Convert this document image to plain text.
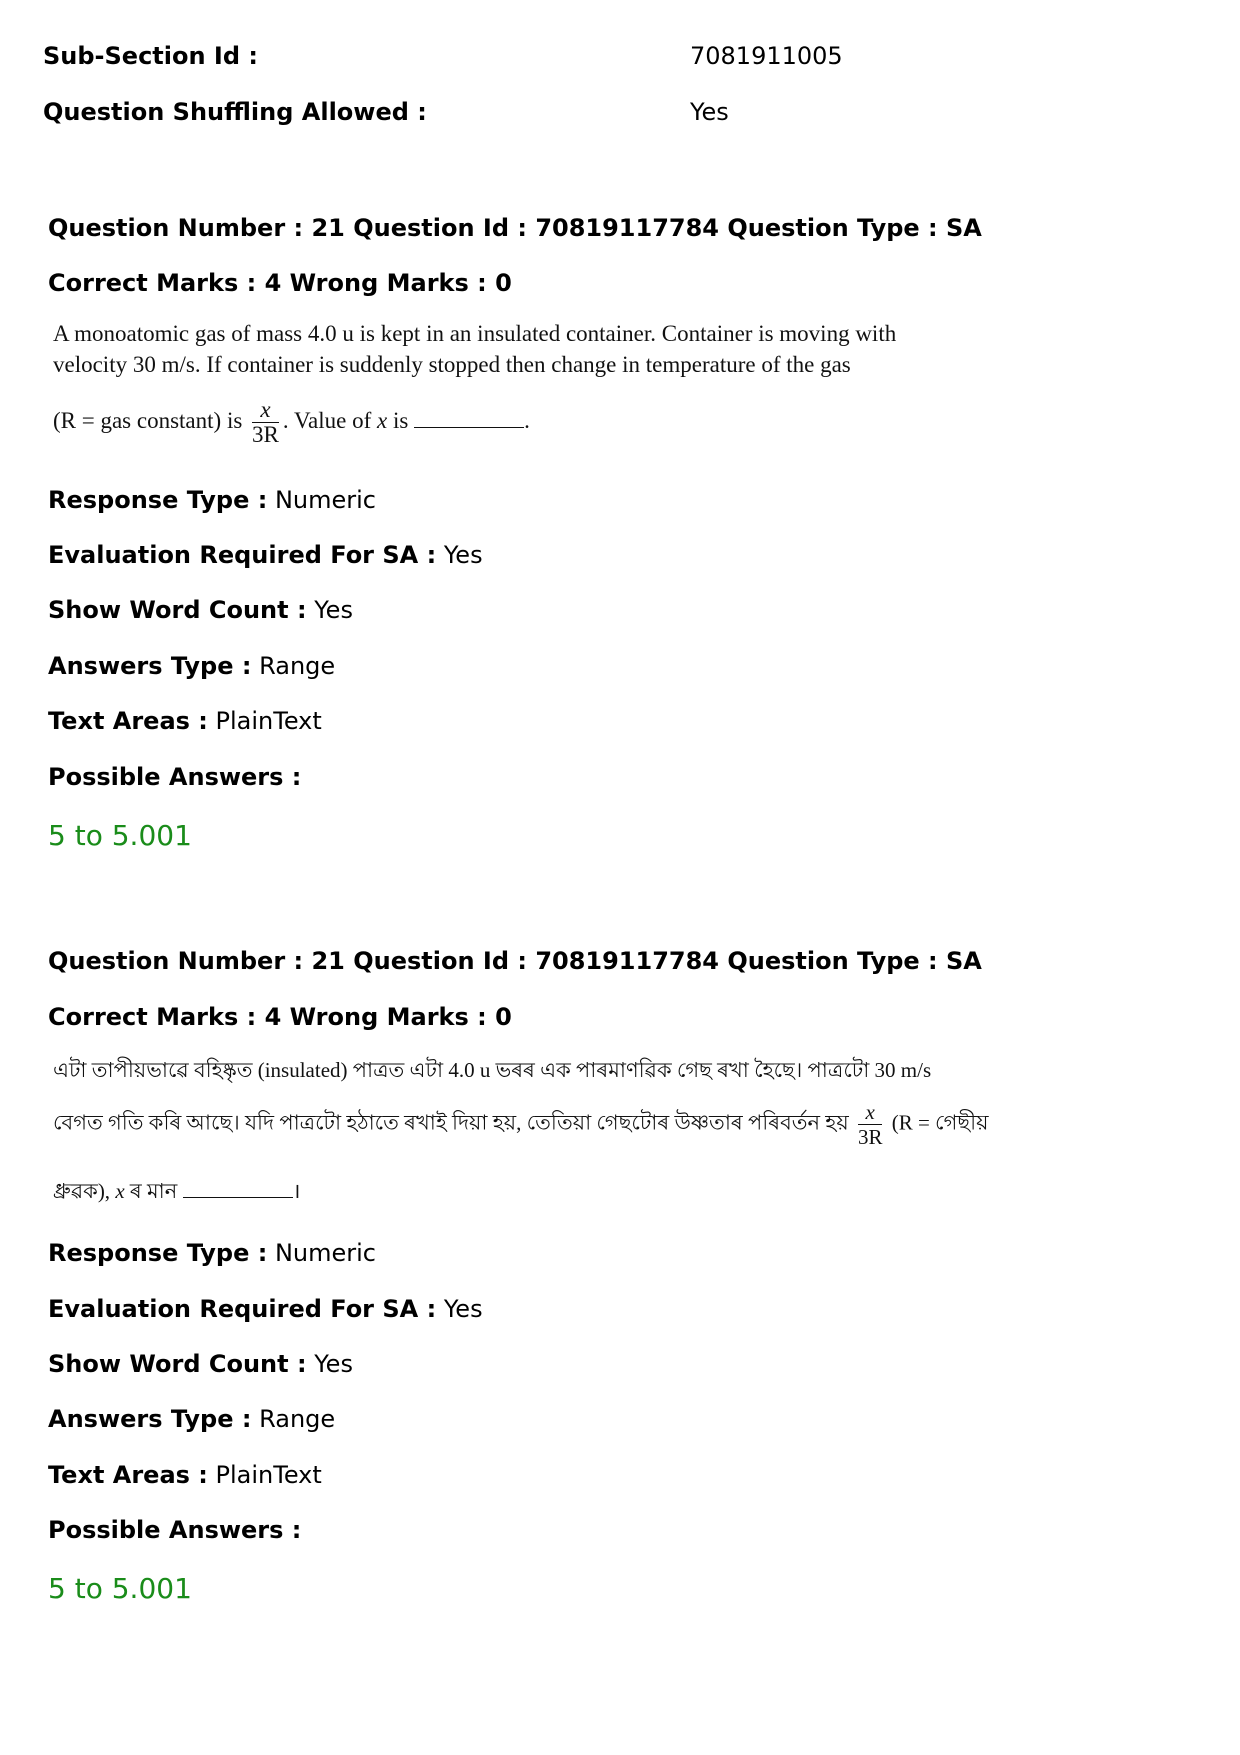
Sub-Section Id :	7081911005
Question Shuffling Allowed :	Yes
Question Number : 21 Question Id : 70819117784 Question Type : SA
Correct Marks : 4 Wrong Marks : 0
A monoatomic gas of mass 4.0 u is kept in an insulated container. Container is moving with
velocity 30 m/s. If container is suddenly stopped then change in temperature of the gas
(R = gas constant) is $\frac{x}{3R}$ . Value of x is	.
Response Type : Numeric
Evaluation Required For SA : Yes
Show Word Count : Yes
Answers Type : Range
Text Areas : PlainText
Possible Answers :
5 to 5.001
Question Number : 21 Question Id : 70819117784 Question Type : SA
Correct Marks : 4 Wrong Marks : 0
এটা তাপীয়ভাৱে বহিষ্কৃত (insulated) পাত্ৰত এটা 4.0 u ভৰৰ এক পাৰমাণৱিক গেছ ৰখা হৈছে। পাত্ৰটো 30 m/s
বেগত গতি কৰি আছে। যদি পাত্ৰটো হঠাতে ৰখাই দিয়া হয়, তেতিয়া গেছটোৰ উষ্ণতাৰ পৰিবৰ্তন হয় $\frac{x}{3R} (R$ = গেছীয়
ধ্ৰুৱক), x ৰ মান	।
Response Type : Numeric
Evaluation Required For SA : Yes
Show Word Count : Yes
Answers Type : Range
Text Areas : PlainText
Possible Answers :
5 to 5.001
